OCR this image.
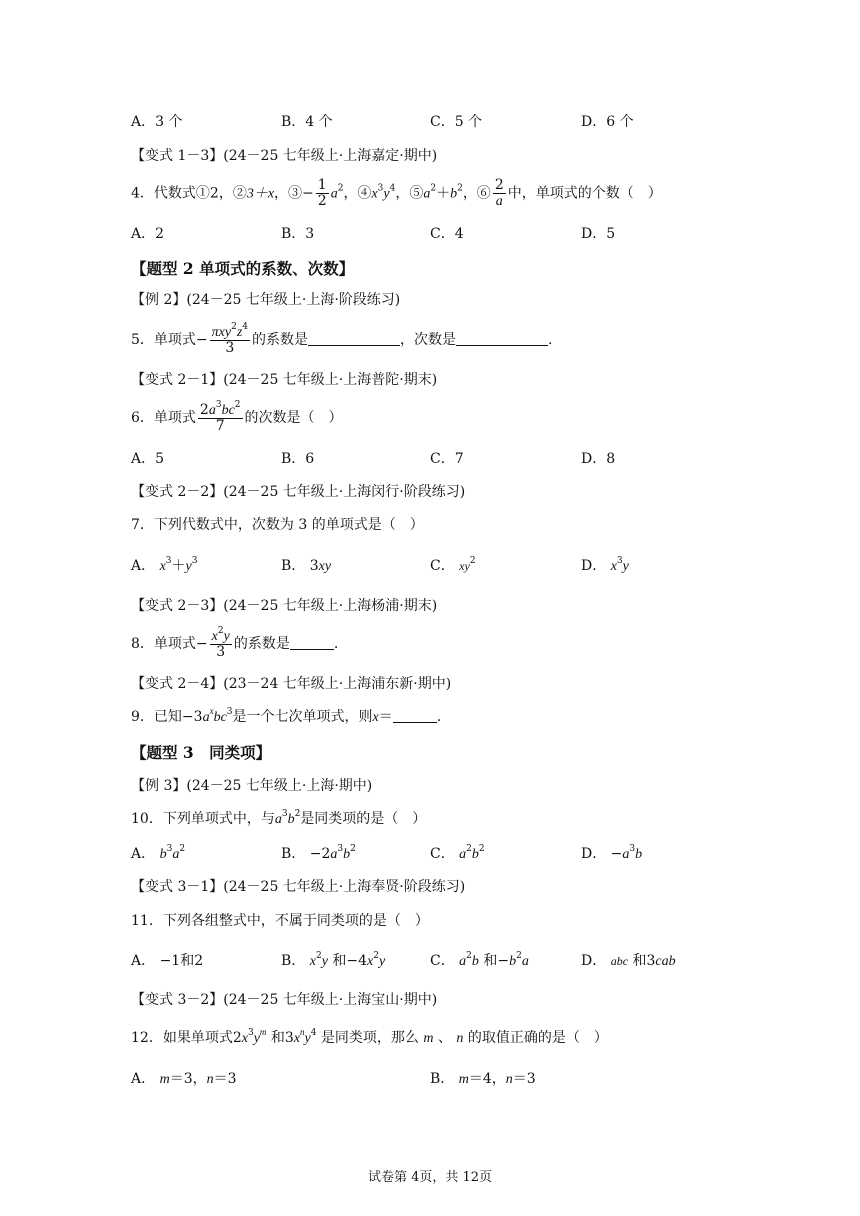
A．3 个	B．4 个	C．5 个	D．6 个
【变式 1－3】(24－25 七年级上·上海嘉定·期中)
4．代数式①2，②3＋x，③− $\frac{1}{2} a^2$，$④x^3y^4$，$⑤a^2+b^2$，⑥ $\frac{2}{a}$ 中，单项式的个数（　）
A．2	B．3	C．4	D．5
【题型 2 单项式的系数、次数】
【例 2】(24－25 七年级上·上海·阶段练习)
5．单项式− $\frac{\pi xy^2z^4}{3}$ 的系数是	，次数是	.
【变式 2－1】(24－25 七年级上·上海普陀·期末)
6．单项式 $\frac{2a^3bc^2}{7}$ 的次数是（　）
A．5	B．6	C．7	D．8
【变式 2－2】(24－25 七年级上·上海闵行·阶段练习)
7．下列代数式中，次数为 3 的单项式是（　）
A． $x^3+y^3$	B． 3xy	C． $xy^2$	D． $x^3y$
【变式 2－3】(24－25 七年级上·上海杨浦·期末)
8．单项式− $\frac{x^2y}{3}$ 的系数是	.
【变式 2－4】(23－24 七年级上·上海浦东新·期中)
9．已知$-3a^xbc^3$是一个七次单项式，则x＝	.
【题型 3　同类项】
【例 3】(24－25 七年级上·上海·期中)
10．下列单项式中，与$a^3b^2$是同类项的是（　）
A． $b^3a^2$	B． $-2a^3b^2$	C． $a^2b^2$	D． $-a^3b$
【变式 3－1】(24－25 七年级上·上海奉贤·阶段练习)
11．下列各组整式中，不属于同类项的是（　）
A． −1和2	B． $x^2y$ 和$-4x^2y$	C． $a^2b$ 和$-b^2a$	D． abc 和3cab
【变式 3－2】(24－25 七年级上·上海宝山·期中)
12．如果单项式$2x^3y^m$ 和$3x^ny^4$ 是同类项，那么 m 、 n 的取值正确的是（　）
A． m＝3，n＝3	B． m＝4，n＝3
试卷第 4页，共 12页
